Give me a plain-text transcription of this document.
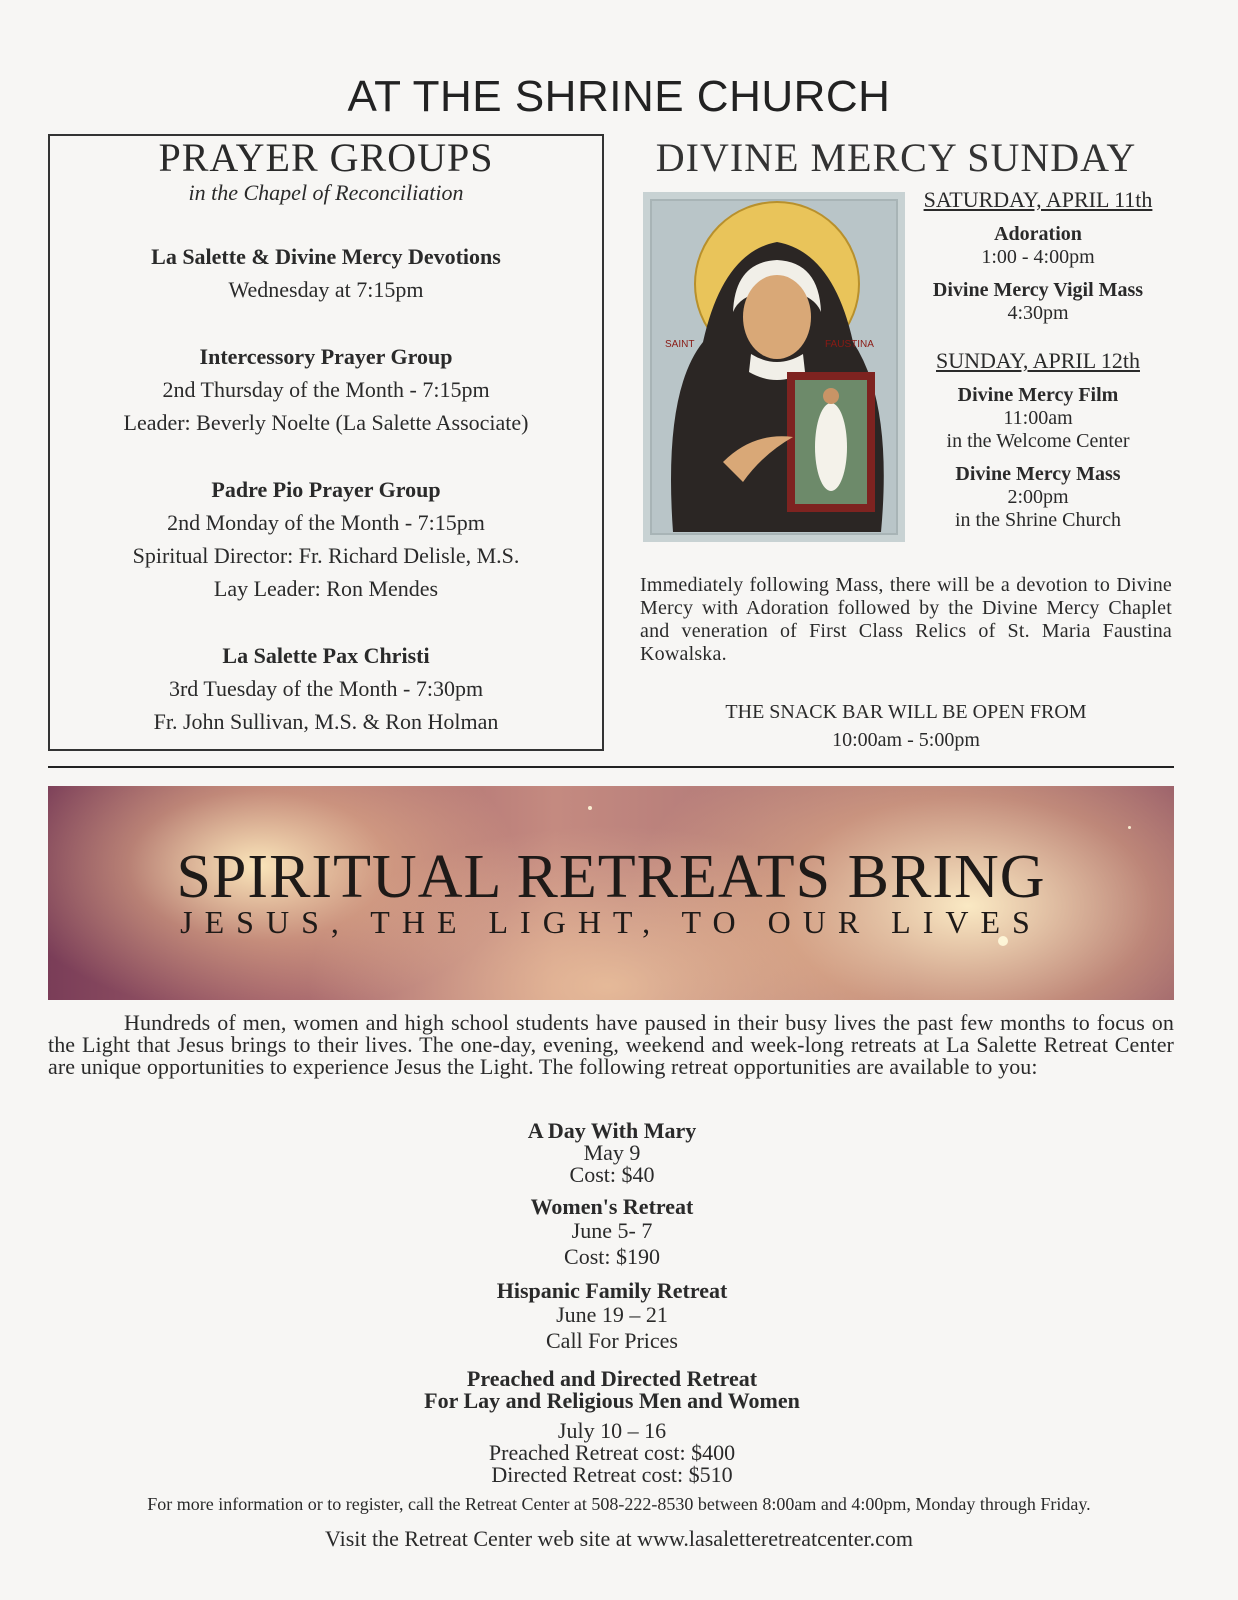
AT THE SHRINE CHURCH
PRAYER GROUPS
in the Chapel of Reconciliation
La Salette & Divine Mercy Devotions
Wednesday at 7:15pm
Intercessory Prayer Group
2nd Thursday of the Month - 7:15pm
Leader: Beverly Noelte (La Salette Associate)
Padre Pio Prayer Group
2nd Monday of the Month - 7:15pm
Spiritual Director: Fr. Richard Delisle, M.S.
Lay Leader: Ron Mendes
La Salette Pax Christi
3rd Tuesday of the Month - 7:30pm
Fr. John Sullivan, M.S. & Ron Holman
DIVINE MERCY SUNDAY
SAINT	FAUSTINA
SATURDAY, APRIL 11th
Adoration
1:00 - 4:00pm
Divine Mercy Vigil Mass
4:30pm
SUNDAY, APRIL 12th
Divine Mercy Film
11:00am
in the Welcome Center
Divine Mercy Mass
2:00pm
in the Shrine Church
Immediately following Mass, there will be a devotion to Divine Mercy with Adoration followed by the Divine Mercy Chaplet and veneration of First Class Relics of St. Maria Faustina Kowalska.
THE SNACK BAR WILL BE OPEN FROM
10:00am - 5:00pm
SPIRITUAL RETREATS BRING
JESUS, THE LIGHT, TO OUR LIVES
Hundreds of men, women and high school students have paused in their busy lives the past few months to focus on the Light that Jesus brings to their lives. The one-day, evening, weekend and week-long retreats at La Salette Retreat Center are unique opportunities to experience Jesus the Light. The following retreat opportunities are available to you:
A Day With Mary
May 9
Cost: $40
Women's Retreat
June 5- 7
Cost: $190
Hispanic Family Retreat
June 19 – 21
Call For Prices
Preached and Directed Retreat
For Lay and Religious Men and Women
July 10 – 16
Preached Retreat cost: $400
Directed Retreat cost: $510
For more information or to register, call the Retreat Center at 508-222-8530 between 8:00am and 4:00pm, Monday through Friday.
Visit the Retreat Center web site at www.lasaletteretreatcenter.com
